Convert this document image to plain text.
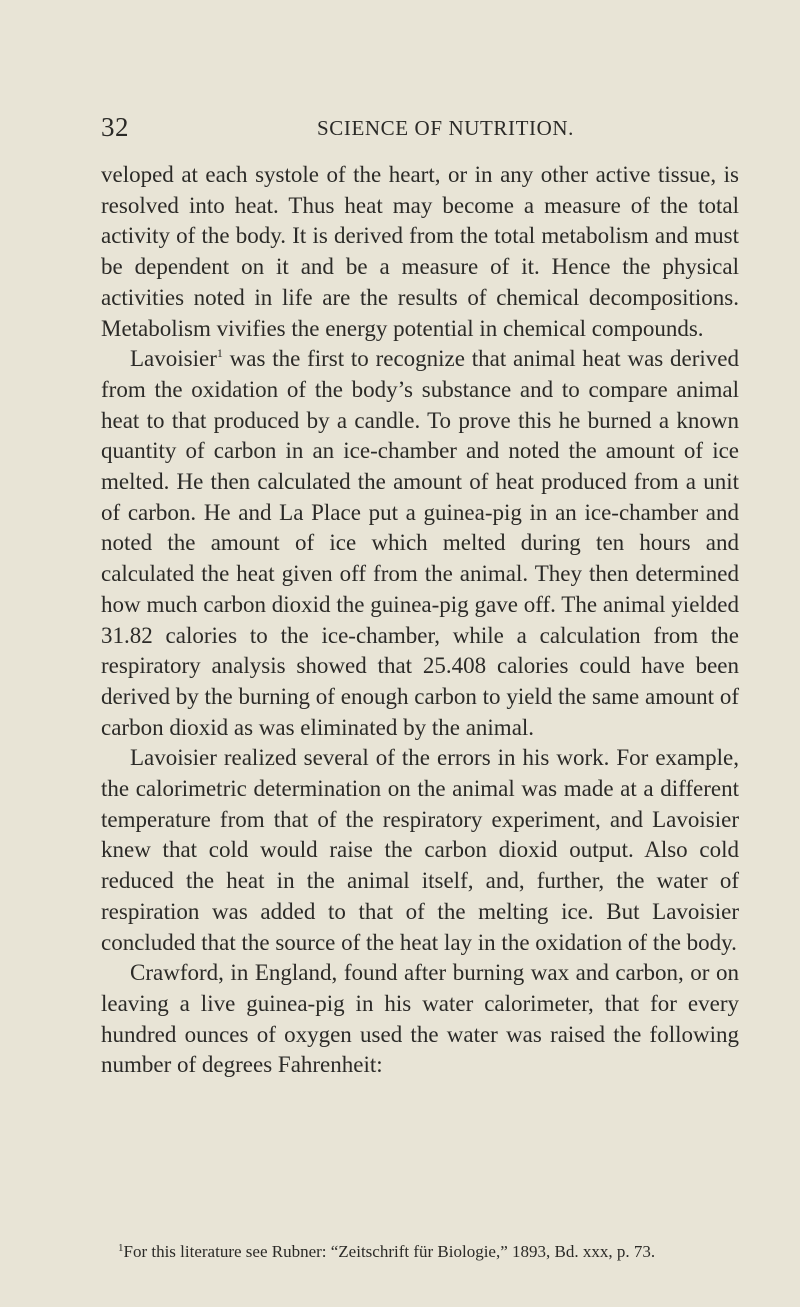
32	SCIENCE OF NUTRITION.

veloped at each systole of the heart, or in any other active tissue, is resolved into heat. Thus heat may become a measure of the total activity of the body. It is derived from the total metabolism and must be dependent on it and be a measure of it. Hence the physical activities noted in life are the results of chemical decompositions. Metabolism vivifies the energy potential in chemical compounds.

Lavoisier$^1$ was the first to recognize that animal heat was derived from the oxidation of the body’s substance and to compare animal heat to that produced by a candle. To prove this he burned a known quantity of carbon in an ice-chamber and noted the amount of ice melted. He then calculated the amount of heat produced from a unit of carbon. He and La Place put a guinea-pig in an ice-chamber and noted the amount of ice which melted during ten hours and calculated the heat given off from the animal. They then determined how much carbon dioxid the guinea-pig gave off. The animal yielded 31.82 calories to the ice-chamber, while a calculation from the respiratory analysis showed that 25.408 calories could have been derived by the burning of enough carbon to yield the same amount of carbon dioxid as was eliminated by the animal.

Lavoisier realized several of the errors in his work. For example, the calorimetric determination on the animal was made at a different temperature from that of the respiratory experiment, and Lavoisier knew that cold would raise the carbon dioxid output. Also cold reduced the heat in the animal itself, and, further, the water of respiration was added to that of the melting ice. But Lavoisier concluded that the source of the heat lay in the oxidation of the body.

Crawford, in England, found after burning wax and carbon, or on leaving a live guinea-pig in his water calorimeter, that for every hundred ounces of oxygen used the water was raised the following number of degrees Fahrenheit:

$^1$For this literature see Rubner: “Zeitschrift für Biologie,” 1893, Bd. xxx, p. 73.
